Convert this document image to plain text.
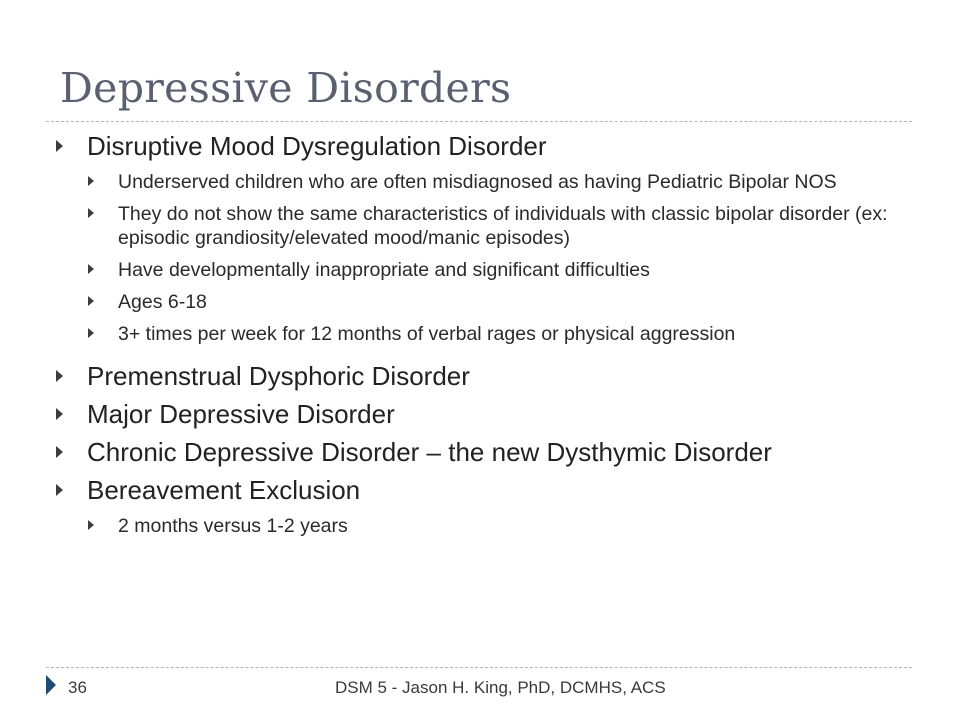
Depressive Disorders
Disruptive Mood Dysregulation Disorder
Underserved children who are often misdiagnosed as having Pediatric Bipolar NOS
They do not show the same characteristics of individuals with classic bipolar disorder (ex: episodic grandiosity/elevated mood/manic episodes)
Have developmentally inappropriate and significant difficulties
Ages 6-18
3+ times per week for 12 months of verbal rages or physical aggression
Premenstrual Dysphoric Disorder
Major Depressive Disorder
Chronic Depressive Disorder – the new Dysthymic Disorder
Bereavement Exclusion
2 months versus 1-2 years
36	DSM 5 - Jason H. King, PhD, DCMHS, ACS
